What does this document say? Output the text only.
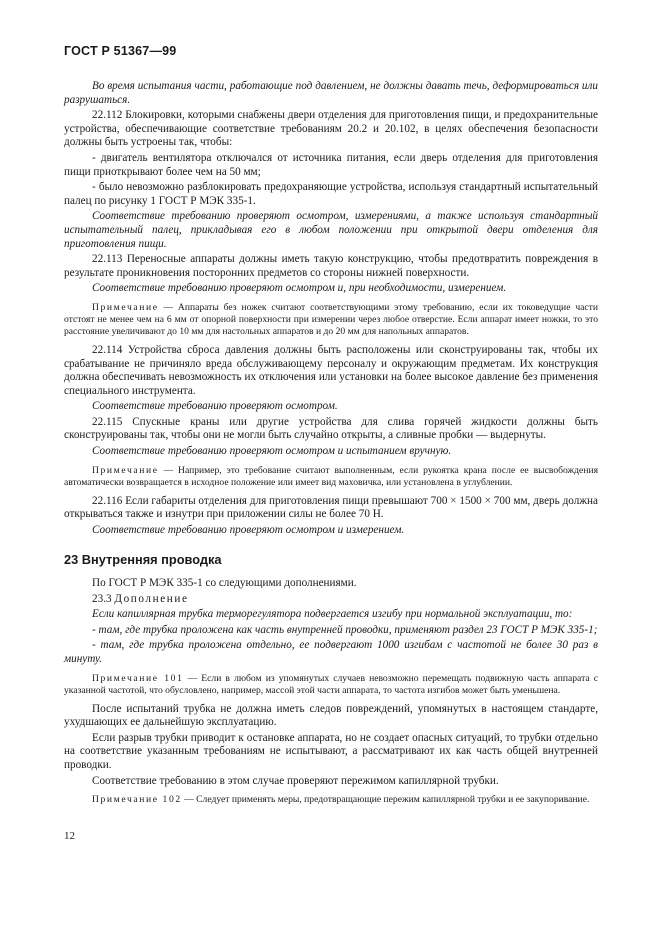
ГОСТ Р 51367—99

Во время испытания части, работающие под давлением, не должны давать течь, деформироваться или разрушаться.

22.112 Блокировки, которыми снабжены двери отделения для приготовления пищи, и предохранительные устройства, обеспечивающие соответствие требованиям 20.2 и 20.102, в целях обеспечения безопасности должны быть устроены так, чтобы:

- двигатель вентилятора отключался от источника питания, если дверь отделения для приготовления пищи приоткрывают более чем на 50 мм;

- было невозможно разблокировать предохраняющие устройства, используя стандартный испытательный палец по рисунку 1 ГОСТ Р МЭК 335-1.

Соответствие требованию проверяют осмотром, измерениями, а также используя стандартный испытательный палец, прикладывая его в любом положении при открытой двери отделения для приготовления пищи.

22.113 Переносные аппараты должны иметь такую конструкцию, чтобы предотвратить повреждения в результате проникновения посторонних предметов со стороны нижней поверхности.

Соответствие требованию проверяют осмотром и, при необходимости, измерением.

Примечание — Аппараты без ножек считают соответствующими этому требованию, если их токоведущие части отстоят не менее чем на 6 мм от опорной поверхности при измерении через любое отверстие. Если аппарат имеет ножки, то это расстояние увеличивают до 10 мм для настольных аппаратов и до 20 мм для напольных аппаратов.

22.114 Устройства сброса давления должны быть расположены или сконструированы так, чтобы их срабатывание не причиняло вреда обслуживающему персоналу и окружающим предметам. Их конструкция должна обеспечивать невозможность их отключения или установки на более высокое давление без применения специального инструмента.

Соответствие требованию проверяют осмотром.

22.115 Спускные краны или другие устройства для слива горячей жидкости должны быть сконструированы так, чтобы они не могли быть случайно открыты, а сливные пробки — выдернуты.

Соответствие требованию проверяют осмотром и испытанием вручную.

Примечание — Например, это требование считают выполненным, если рукоятка крана после ее высвобождения автоматически возвращается в исходное положение или имеет вид маховичка, или установлена в углублении.

22.116 Если габариты отделения для приготовления пищи превышают 700 × 1500 × 700 мм, дверь должна открываться также и изнутри при приложении силы не более 70 Н.

Соответствие требованию проверяют осмотром и измерением.

23 Внутренняя проводка

По ГОСТ Р МЭК 335-1 со следующими дополнениями.

23.3 Дополнение

Если капиллярная трубка терморегулятора подвергается изгибу при нормальной эксплуатации, то:

- там, где трубка проложена как часть внутренней проводки, применяют раздел 23 ГОСТ Р МЭК 335-1;

- там, где трубка проложена отдельно, ее подвергают 1000 изгибам с частотой не более 30 раз в минуту.

Примечание 101 — Если в любом из упомянутых случаев невозможно перемещать подвижную часть аппарата с указанной частотой, что обусловлено, например, массой этой части аппарата, то частота изгибов может быть уменьшена.

После испытаний трубка не должна иметь следов повреждений, упомянутых в настоящем стандарте, ухудшающих ее дальнейшую эксплуатацию.

Если разрыв трубки приводит к остановке аппарата, но не создает опасных ситуаций, то трубки отдельно на соответствие указанным требованиям не испытывают, а рассматривают их как часть общей внутренней проводки.

Соответствие требованию в этом случае проверяют пережимом капиллярной трубки.

Примечание 102 — Следует применять меры, предотвращающие пережим капиллярной трубки и ее закупоривание.

12
